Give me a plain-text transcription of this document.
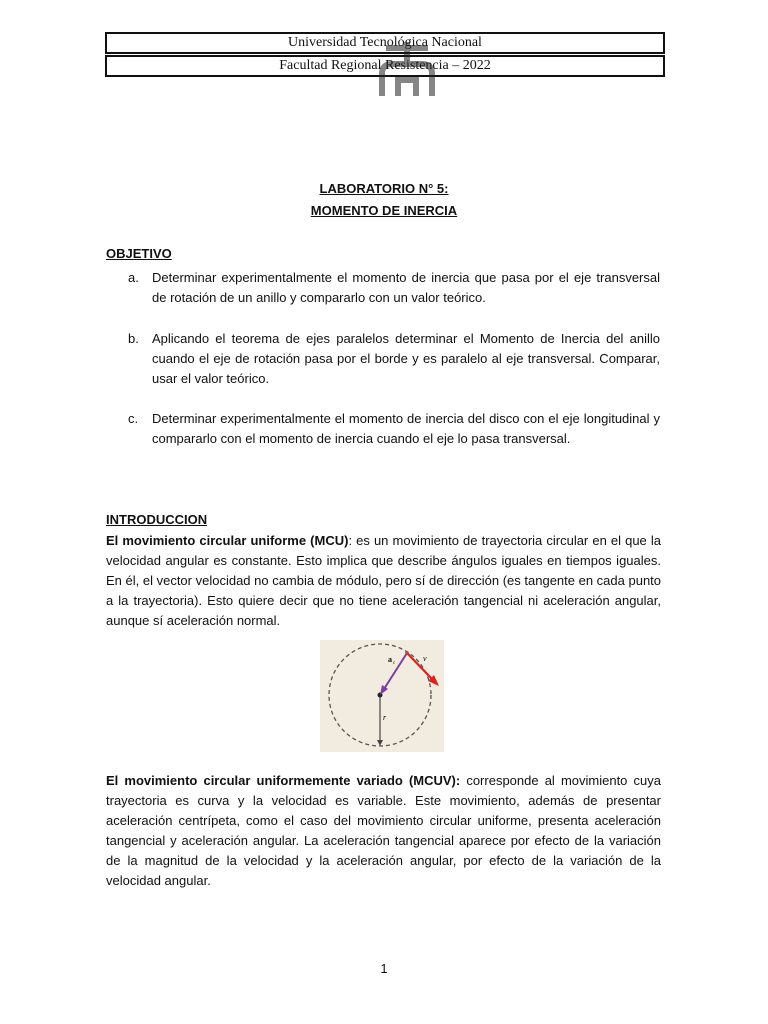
Universidad Tecnológica Nacional
Facultad Regional Resistencia – 2022
LABORATORIO N° 5:
MOMENTO DE INERCIA
OBJETIVO
a.	Determinar experimentalmente el momento de inercia que pasa por el eje transversal de rotación de un anillo y compararlo con un valor teórico.
b.	Aplicando el teorema de ejes paralelos determinar el Momento de Inercia del anillo cuando el eje de rotación pasa por el borde y es paralelo al eje transversal. Comparar, usar el valor teórico.
c.	Determinar experimentalmente el momento de inercia del disco con el eje longitudinal y compararlo con el momento de inercia cuando el eje lo pasa transversal.
INTRODUCCION
El movimiento circular uniforme (MCU): es un movimiento de trayectoria circular en el que la velocidad angular es constante. Esto implica que describe ángulos iguales en tiempos iguales. En él, el vector velocidad no cambia de módulo, pero sí de dirección (es tangente en cada punto a la trayectoria). Esto quiere decir que no tiene aceleración tangencial ni aceleración angular, aunque sí aceleración normal.
a c
v
r
El movimiento circular uniformemente variado (MCUV): corresponde al movimiento cuya trayectoria es curva y la velocidad es variable. Este movimiento, además de presentar aceleración centrípeta, como el caso del movimiento circular uniforme, presenta aceleración tangencial y aceleración angular. La aceleración tangencial aparece por efecto de la variación de la magnitud de la velocidad y la aceleración angular, por efecto de la variación de la velocidad angular.
1
